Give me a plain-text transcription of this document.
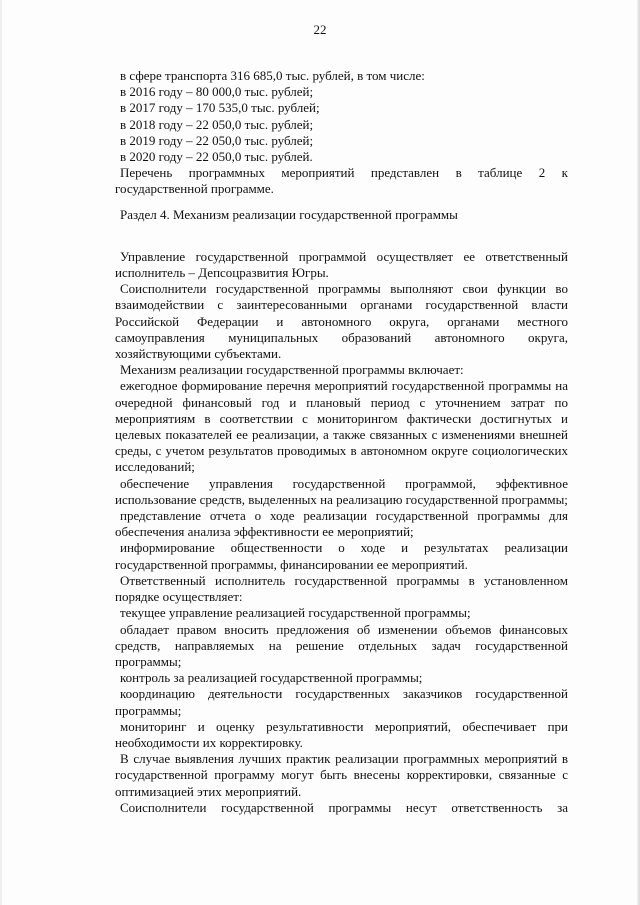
22

в сфере транспорта 316 685,0 тыс. рублей, в том числе:

в 2016 году – 80 000,0 тыс. рублей;

в 2017 году – 170 535,0 тыс. рублей;

в 2018 году – 22 050,0 тыс. рублей;

в 2019 году – 22 050,0 тыс. рублей;

в 2020 году – 22 050,0 тыс. рублей.

Перечень программных мероприятий представлен в таблице 2 к

государственной программе.

Раздел 4. Механизм реализации государственной программы

Управление государственной программой осуществляет ее ответственный исполнитель – Депсоцразвития Югры.

Соисполнители государственной программы выполняют свои функции во взаимодействии с заинтересованными органами государственной власти Российской Федерации и автономного округа, органами местного самоуправления муниципальных образований автономного округа, хозяйствующими субъектами.

Механизм реализации государственной программы включает:

ежегодное формирование перечня мероприятий государственной программы на очередной финансовый год и плановый период с уточнением затрат по мероприятиям в соответствии с мониторингом фактически достигнутых и целевых показателей ее реализации, а также связанных с изменениями внешней среды, с учетом результатов проводимых в автономном округе социологических исследований;

обеспечение управления государственной программой, эффективное использование средств, выделенных на реализацию государственной программы;

представление отчета о ходе реализации государственной программы для обеспечения анализа эффективности ее мероприятий;

информирование общественности о ходе и результатах реализации государственной программы, финансировании ее мероприятий.

Ответственный исполнитель государственной программы в установленном порядке осуществляет:

текущее управление реализацией государственной программы;

обладает правом вносить предложения об изменении объемов финансовых средств, направляемых на решение отдельных задач государственной программы;

контроль за реализацией государственной программы;

координацию деятельности государственных заказчиков государственной программы;

мониторинг и оценку результативности мероприятий, обеспечивает при необходимости их корректировку.

В случае выявления лучших практик реализации программных мероприятий в государственной программу могут быть внесены корректировки, связанные с оптимизацией этих мероприятий.

Соисполнители государственной программы несут ответственность за
